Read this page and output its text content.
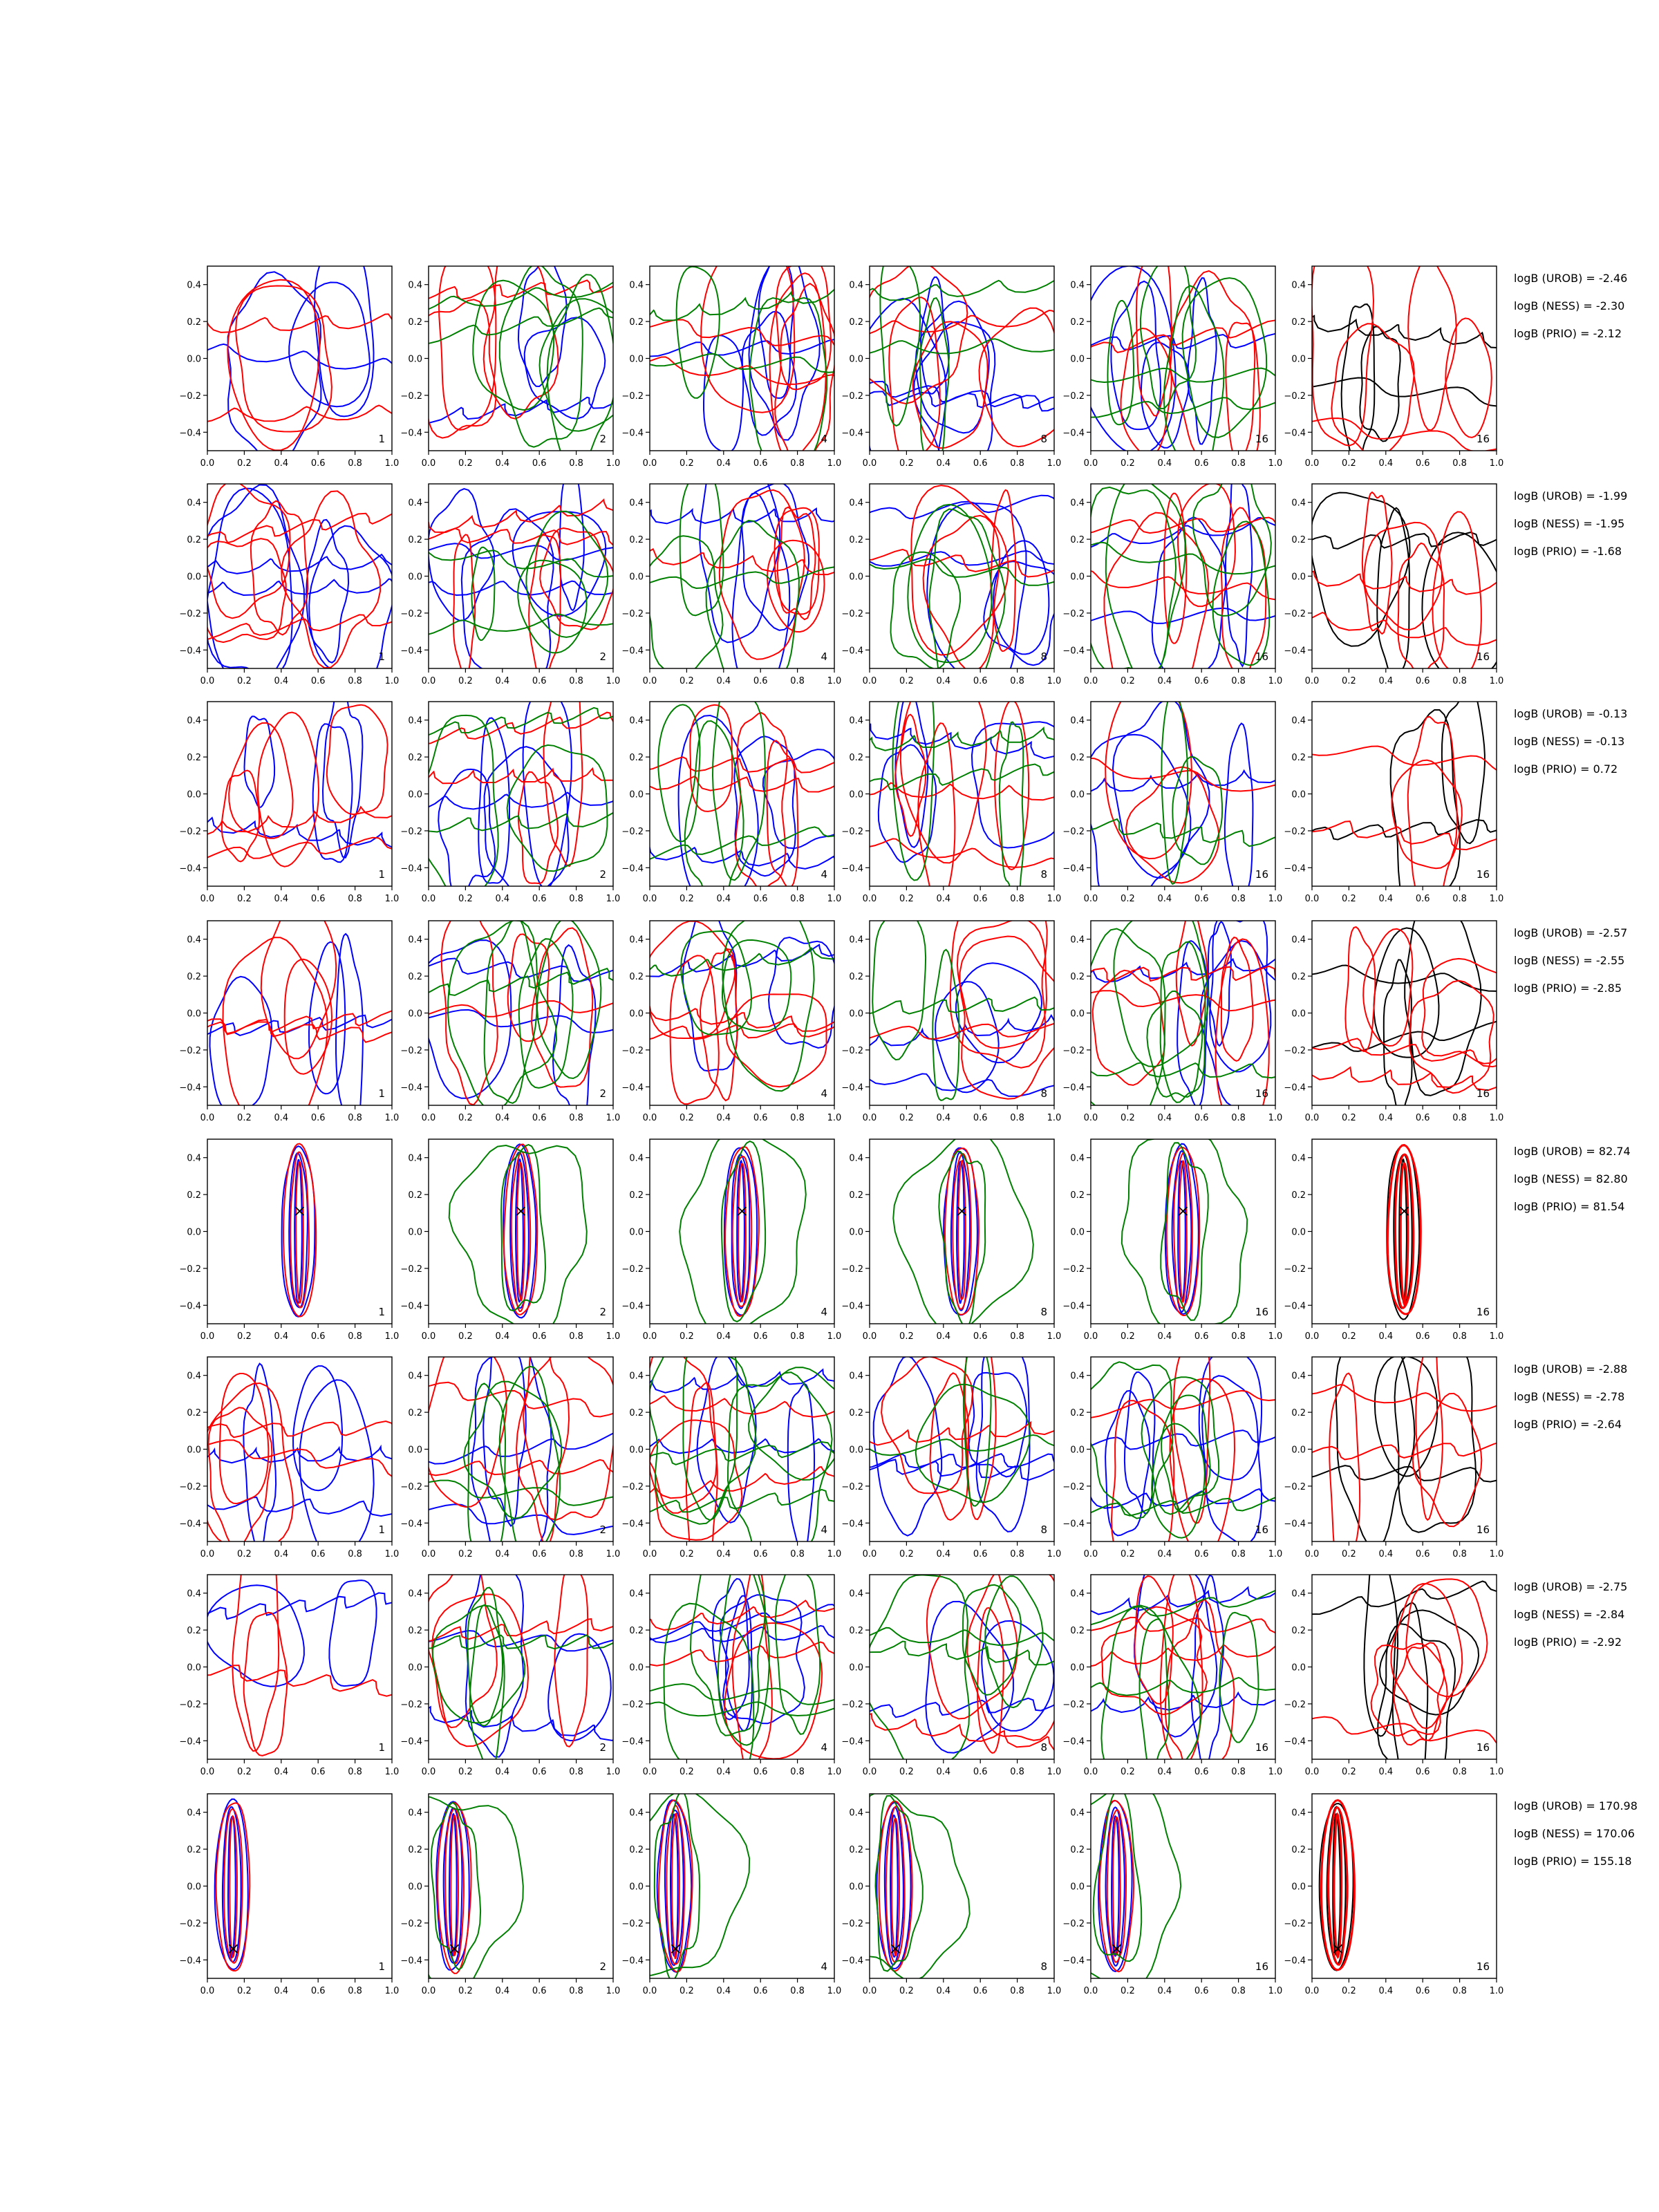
0.0	0.2	0.4	0.6	0.8	1.0
0.4
0.2
0.0
−0.2
−0.4	1
0.0	0.2	0.4	0.6	0.8	1.0
0.4
0.2
0.0
−0.2
−0.4	2
0.0	0.2	0.4	0.6	0.8	1.0
0.4
0.2
0.0
−0.2
−0.4	4
0.0	0.2	0.4	0.6	0.8	1.0
0.4
0.2
0.0
−0.2
−0.4	8
0.0	0.2	0.4	0.6	0.8	1.0
0.4
0.2
0.0
−0.2
−0.4	16
0.0	0.2	0.4	0.6	0.8	1.0
0.4
0.2
0.0
−0.2
−0.4	16
0.0	0.2	0.4	0.6	0.8	1.0
0.4
0.2
0.0
−0.2
−0.4	1
0.0	0.2	0.4	0.6	0.8	1.0
0.4
0.2
0.0
−0.2
−0.4	2
0.0	0.2	0.4	0.6	0.8	1.0
0.4
0.2
0.0
−0.2
−0.4	4
0.0	0.2	0.4	0.6	0.8	1.0
0.4
0.2
0.0
−0.2
−0.4	8
0.0	0.2	0.4	0.6	0.8	1.0
0.4
0.2
0.0
−0.2
−0.4	16
0.0	0.2	0.4	0.6	0.8	1.0
0.4
0.2
0.0
−0.2
−0.4	16
0.0	0.2	0.4	0.6	0.8	1.0
0.4
0.2
0.0
−0.2
−0.4	1
0.0	0.2	0.4	0.6	0.8	1.0
0.4
0.2
0.0
−0.2
−0.4	2
0.0	0.2	0.4	0.6	0.8	1.0
0.4
0.2
0.0
−0.2
−0.4	4
0.0	0.2	0.4	0.6	0.8	1.0
0.4
0.2
0.0
−0.2
−0.4	8
0.0	0.2	0.4	0.6	0.8	1.0
0.4
0.2
0.0
−0.2
−0.4	16
0.0	0.2	0.4	0.6	0.8	1.0
0.4
0.2
0.0
−0.2
−0.4	16
0.0	0.2	0.4	0.6	0.8	1.0
0.4
0.2
0.0
−0.2
−0.4	1
0.0	0.2	0.4	0.6	0.8	1.0
0.4
0.2
0.0
−0.2
−0.4	2
0.0	0.2	0.4	0.6	0.8	1.0
0.4
0.2
0.0
−0.2
−0.4	4
0.0	0.2	0.4	0.6	0.8	1.0
0.4
0.2
0.0
−0.2
−0.4	8
0.0	0.2	0.4	0.6	0.8	1.0
0.4
0.2
0.0
−0.2
−0.4	16
0.0	0.2	0.4	0.6	0.8	1.0
0.4
0.2
0.0
−0.2
−0.4	16
0.0	0.2	0.4	0.6	0.8	1.0
0.4
0.2
0.0
−0.2
−0.4	1
0.0	0.2	0.4	0.6	0.8	1.0
0.4
0.2
0.0
−0.2
−0.4	2
0.0	0.2	0.4	0.6	0.8	1.0
0.4
0.2
0.0
−0.2
−0.4	4
0.0	0.2	0.4	0.6	0.8	1.0
0.4
0.2
0.0
−0.2
−0.4	8
0.0	0.2	0.4	0.6	0.8	1.0
0.4
0.2
0.0
−0.2
−0.4	16
0.0	0.2	0.4	0.6	0.8	1.0
0.4
0.2
0.0
−0.2
−0.4	16
0.0	0.2	0.4	0.6	0.8	1.0
0.4
0.2
0.0
−0.2
−0.4	1
0.0	0.2	0.4	0.6	0.8	1.0
0.4
0.2
0.0
−0.2
−0.4	2
0.0	0.2	0.4	0.6	0.8	1.0
0.4
0.2
0.0
−0.2
−0.4	4
0.0	0.2	0.4	0.6	0.8	1.0
0.4
0.2
0.0
−0.2
−0.4	8
0.0	0.2	0.4	0.6	0.8	1.0
0.4
0.2
0.0
−0.2
−0.4	16
0.0	0.2	0.4	0.6	0.8	1.0
0.4
0.2
0.0
−0.2
−0.4	16
0.0	0.2	0.4	0.6	0.8	1.0
0.4
0.2
0.0
−0.2
−0.4	1
0.0	0.2	0.4	0.6	0.8	1.0
0.4
0.2
0.0
−0.2
−0.4	2
0.0	0.2	0.4	0.6	0.8	1.0
0.4
0.2
0.0
−0.2
−0.4	4
0.0	0.2	0.4	0.6	0.8	1.0
0.4
0.2
0.0
−0.2
−0.4	8
0.0	0.2	0.4	0.6	0.8	1.0
0.4
0.2
0.0
−0.2
−0.4	16
0.0	0.2	0.4	0.6	0.8	1.0
0.4
0.2
0.0
−0.2
−0.4	16
0.0	0.2	0.4	0.6	0.8	1.0
0.4
0.2
0.0
−0.2
−0.4	1
0.0	0.2	0.4	0.6	0.8	1.0
0.4
0.2
0.0
−0.2
−0.4	2
0.0	0.2	0.4	0.6	0.8	1.0
0.4
0.2
0.0
−0.2
−0.4	4
0.0	0.2	0.4	0.6	0.8	1.0
0.4
0.2
0.0
−0.2
−0.4	8
0.0	0.2	0.4	0.6	0.8	1.0
0.4
0.2
0.0
−0.2
−0.4	16
0.0	0.2	0.4	0.6	0.8	1.0
0.4
0.2
0.0
−0.2
−0.4	16
logB (UROB) = -2.46
logB (NESS) = -2.30
logB (PRIO) = -2.12
logB (UROB) = -1.99
logB (NESS) = -1.95
logB (PRIO) = -1.68
logB (UROB) = -0.13
logB (NESS) = -0.13
logB (PRIO) = 0.72
logB (UROB) = -2.57
logB (NESS) = -2.55
logB (PRIO) = -2.85
logB (UROB) = 82.74
logB (NESS) = 82.80
logB (PRIO) = 81.54
logB (UROB) = -2.88
logB (NESS) = -2.78
logB (PRIO) = -2.64
logB (UROB) = -2.75
logB (NESS) = -2.84
logB (PRIO) = -2.92
logB (UROB) = 170.98
logB (NESS) = 170.06
logB (PRIO) = 155.18
